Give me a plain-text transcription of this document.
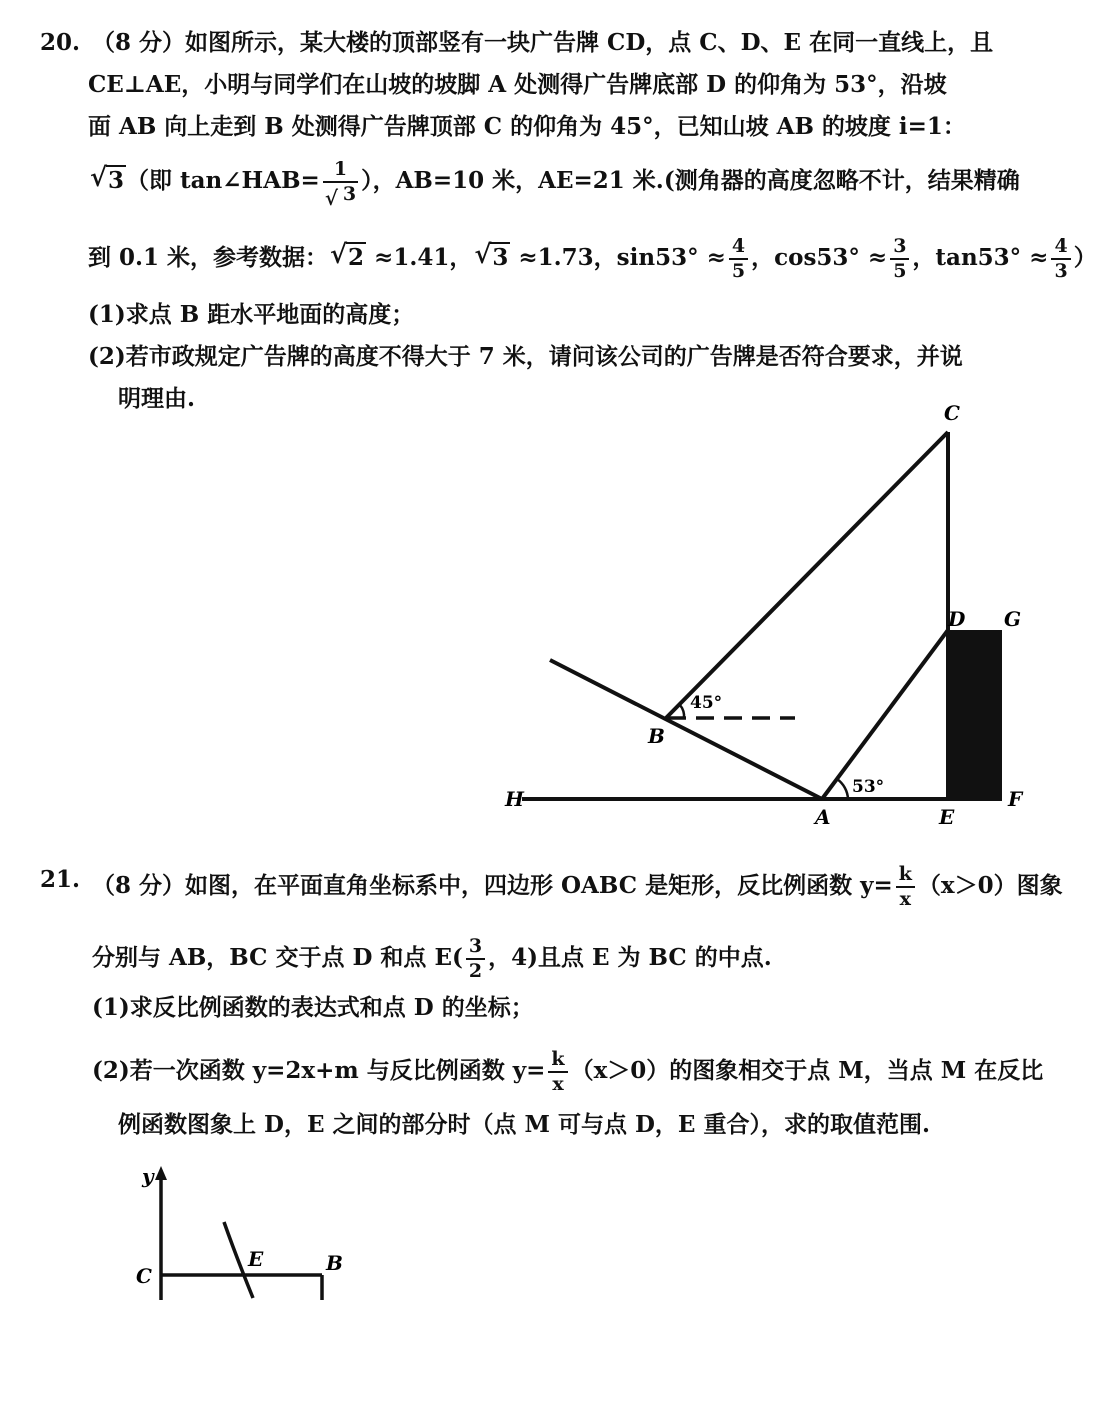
20. （8 分）如图所示，某大楼的顶部竖有一块广告牌 CD，点 C、D、E 在同一直线上，且
CE⊥AE，小明与同学们在山坡的坡脚 A 处测得广告牌底部 D 的仰角为 53°，沿坡
面 AB 向上走到 B 处测得广告牌顶部 C 的仰角为 45°，已知山坡 AB 的坡度 i=1：
√ 3（即 tan∠HAB= $\frac{1}{√ 3}$ ），AB=10 米，AE=21 米.(测角器的高度忽略不计，结果精确
到 0.1 米，参考数据： √ 2 ≈1.41， √ 3 ≈1.73，$\sin 53^\circ \approx \frac{4}{5}$ ，$\cos 53^\circ \approx \frac{3}{5}$ ，$\tan 53^\circ \approx \frac{4}{3}$ ）
(1)求点 B 距水平地面的高度；
(2)若市政规定广告牌的高度不得大于 7 米，请问该公司的广告牌是否符合要求，并说
明理由.
C
D G
B
H
A	E
F
45°
53°
y
C
E	B
21. （8 分）如图，在平面直角坐标系中，四边形 OABC 是矩形，反比例函数 $y= \frac{k}{x} (x>0)$图象
分别与 AB，BC 交于点 D 和点 $E( \frac{3}{2}$ ，4)且点 E 为 BC 的中点.
(1)求反比例函数的表达式和点 D 的坐标；
(2)若一次函数 y=2x+m 与反比例函数 $y= \frac{k}{x} (x>0)$的图象相交于点 M，当点 M 在反比
例函数图象上 D，E 之间的部分时（点 M 可与点 D，E 重合），求的取值范围.
